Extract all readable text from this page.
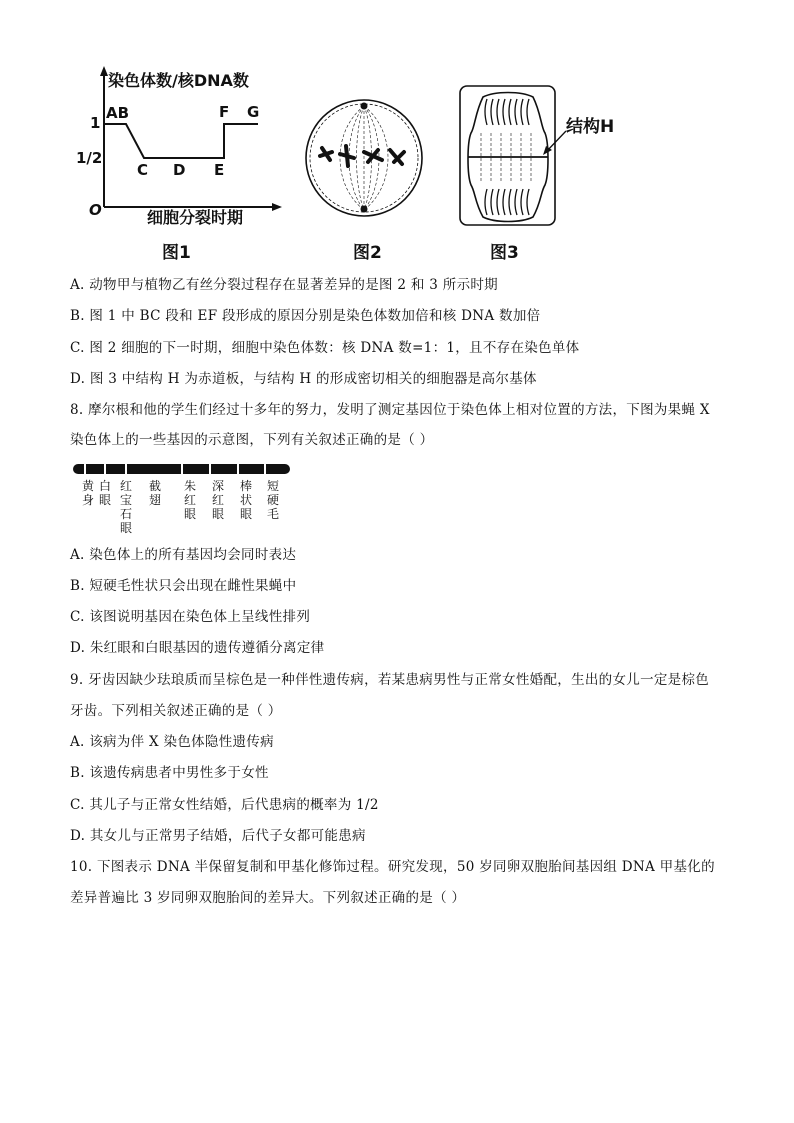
染色体数/核DNA数
1
1/2
AB
C D E
F G
O	细胞分裂时期
图1	图2
结构H
图3
A. 动物甲与植物乙有丝分裂过程存在显著差异的是图 2 和 3 所示时期
B. 图 1 中 BC 段和 EF 段形成的原因分别是染色体数加倍和核 DNA 数加倍
C. 图 2 细胞的下一时期，细胞中染色体数：核 DNA 数=1：1，且不存在染色单体
D. 图 3 中结构 H 为赤道板，与结构 H 的形成密切相关的细胞器是高尔基体
8. 摩尔根和他的学生们经过十多年的努力，发明了测定基因位于染色体上相对位置的方法，下图为果蝇 X
染色体上的一些基因的示意图，下列有关叙述正确的是（ ）
黄身
白眼
红宝石眼
截翅
朱红眼
深红眼
棒状眼
短硬毛
A. 染色体上的所有基因均会同时表达
B. 短硬毛性状只会出现在雌性果蝇中
C. 该图说明基因在染色体上呈线性排列
D. 朱红眼和白眼基因的遗传遵循分离定律
9. 牙齿因缺少珐琅质而呈棕色是一种伴性遗传病，若某患病男性与正常女性婚配，生出的女儿一定是棕色
牙齿。下列相关叙述正确的是（ ）
A. 该病为伴 X 染色体隐性遗传病
B. 该遗传病患者中男性多于女性
C. 其儿子与正常女性结婚，后代患病的概率为 1/2
D. 其女儿与正常男子结婚，后代子女都可能患病
10. 下图表示 DNA 半保留复制和甲基化修饰过程。研究发现，50 岁同卵双胞胎间基因组 DNA 甲基化的
差异普遍比 3 岁同卵双胞胎间的差异大。下列叙述正确的是（ ）
